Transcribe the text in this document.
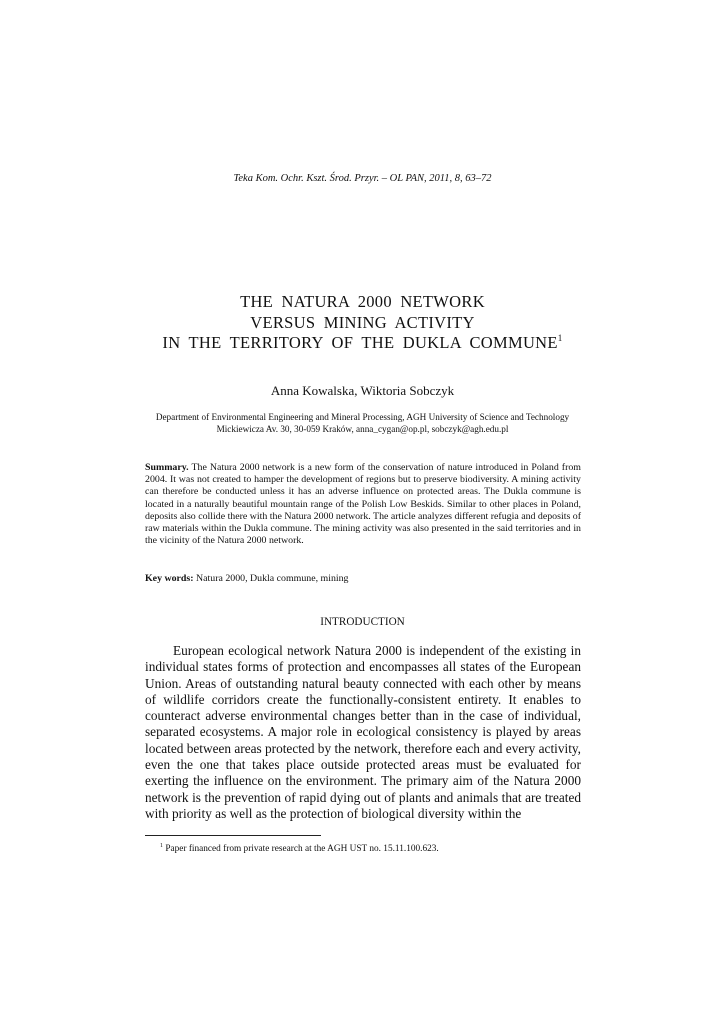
Teka Kom. Ochr. Kszt. Środ. Przyr. – OL PAN, 2011, 8, 63–72
THE NATURA 2000 NETWORK
VERSUS MINING ACTIVITY
IN THE TERRITORY OF THE DUKLA COMMUNE$^1$
Anna Kowalska, Wiktoria Sobczyk
Department of Environmental Engineering and Mineral Processing, AGH University of Science and Technology
Mickiewicza Av. 30, 30-059 Kraków, anna_cygan@op.pl, sobczyk@agh.edu.pl
Summary. The Natura 2000 network is a new form of the conservation of nature introduced in Poland from 2004. It was not created to hamper the development of regions but to preserve biodiversity. A mining activity can therefore be conducted unless it has an adverse influence on protected areas. The Dukla commune is located in a naturally beautiful mountain range of the Polish Low Beskids. Similar to other places in Poland, deposits also collide there with the Natura 2000 network. The article analyzes different refugia and deposits of raw materials within the Dukla commune. The mining activity was also presented in the said territories and in the vicinity of the Natura 2000 network.
Key words: Natura 2000, Dukla commune, mining
INTRODUCTION
European ecological network Natura 2000 is independent of the existing in individual states forms of protection and encompasses all states of the European Union. Areas of outstanding natural beauty connected with each other by means of wildlife corridors create the functionally-consistent entirety. It enables to counteract adverse environmental changes better than in the case of individual, separated ecosystems. A major role in ecological consistency is played by areas located between areas protected by the network, therefore each and every activity, even the one that takes place outside protected areas must be evaluated for exerting the influence on the environment. The primary aim of the Natura 2000 network is the prevention of rapid dying out of plants and animals that are treated with priority as well as the protection of biological diversity within the
$^1$ Paper financed from private research at the AGH UST no. 15.11.100.623.
